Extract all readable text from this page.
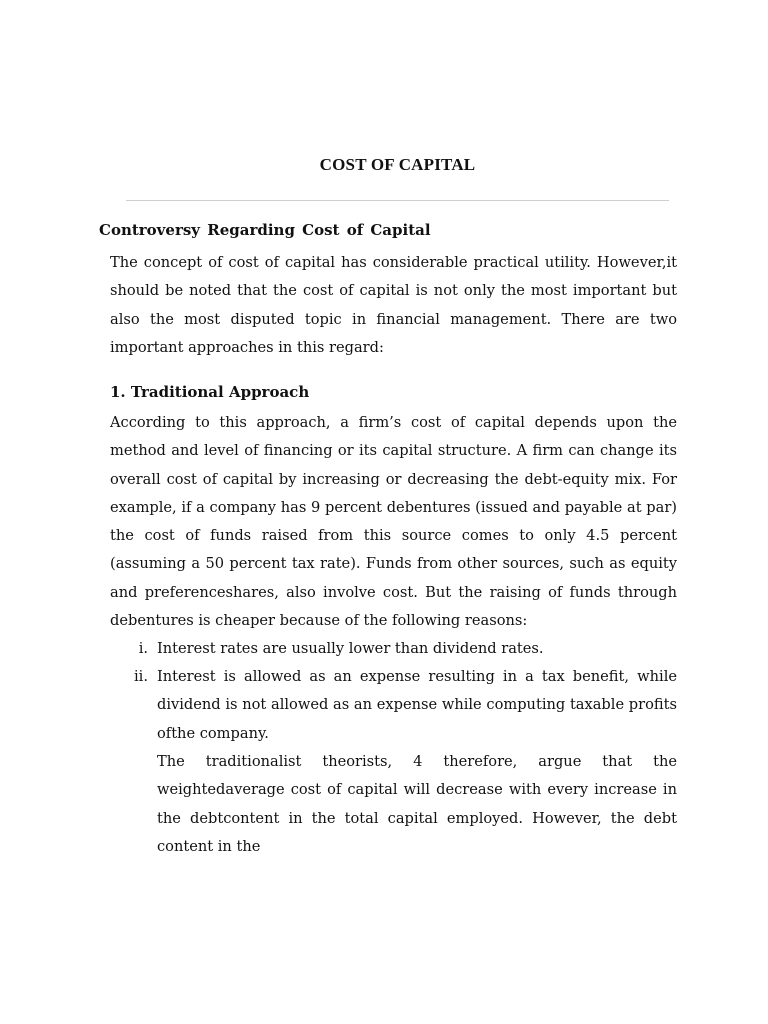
COST OF CAPITAL
Controversy Regarding Cost of Capital

The concept of cost of capital has considerable practical utility. However,it should be noted that the cost of capital is not only the most important but also the most disputed topic in financial management. There are two important approaches in this regard:

1. Traditional Approach

According to this approach, a firm’s cost of capital depends upon the method and level of financing or its capital structure. A firm can change its overall cost of capital by increasing or decreasing the debt-equity mix. For example, if a company has 9 percent debentures (issued and payable at par) the cost of funds raised from this source comes to only 4.5 percent (assuming a 50 percent tax rate). Funds from other sources, such as equity and preferenceshares, also involve cost. But the raising of funds through debentures is cheaper because of the following reasons:

i. Interest rates are usually lower than dividend rates.
ii. Interest is allowed as an expense resulting in a tax benefit, while dividend is not allowed as an expense while computing taxable profits ofthe company.

The traditionalist theorists, 4 therefore, argue that the weightedaverage cost of capital will decrease with every increase in the debtcontent in the total capital employed. However, the debt content in the
